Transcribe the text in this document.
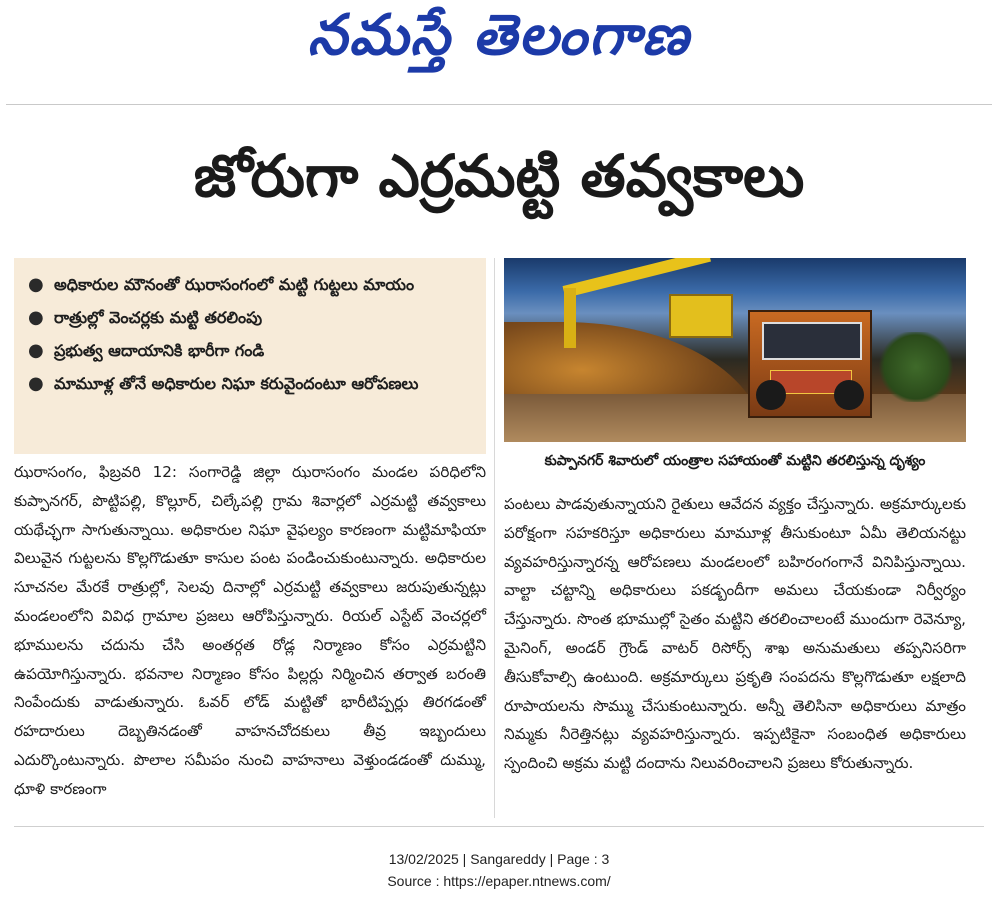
నమస్తే తెలంగాణ
జోరుగా ఎర్రమట్టి తవ్వకాలు
● అధికారుల మౌనంతో ఝరాసంగంలో మట్టి గుట్టలు మాయం
● రాత్రుల్లో వెంచర్లకు మట్టి తరలింపు
● ప్రభుత్వ ఆదాయానికి భారీగా గండి
● మామూళ్ల తోనే అధికారుల నిఘా కరువైందంటూ ఆరోపణలు
కుప్పానగర్ శివారులో యంత్రాల సహాయంతో మట్టిని తరలిస్తున్న దృశ్యం

ఝరాసంగం, ఫిబ్రవరి 12: సంగారెడ్డి జిల్లా ఝరాసంగం మండల పరిధిలోని కుప్పానగర్, పొట్టిపల్లి, కొల్లూర్, చిల్కేపల్లి గ్రామ శివార్లలో ఎర్రమట్టి తవ్వకాలు యథేచ్ఛగా సాగుతున్నాయి. అధికారుల నిఘా వైఫల్యం కారణంగా మట్టిమాఫియా విలువైన గుట్టలను కొల్లగొడుతూ కాసుల పంట పండించుకుంటున్నారు. అధికారుల సూచనల మేరకే రాత్రుల్లో, సెలవు దినాల్లో ఎర్రమట్టి తవ్వకాలు జరుపుతున్నట్లు మండలంలోని వివిధ గ్రామాల ప్రజలు ఆరోపిస్తున్నారు. రియల్ ఎస్టేట్ వెంచర్లలో భూములను చదును చేసి అంతర్గత రోడ్ల నిర్మాణం కోసం ఎర్రమట్టిని ఉపయోగిస్తున్నారు. భవనాల నిర్మాణం కోసం పిల్లర్లు నిర్మించిన తర్వాత బరంతి నింపేందుకు వాడుతున్నారు. ఓవర్ లోడ్ మట్టితో భారీటిప్పర్లు తిరగడంతో రహదారులు దెబ్బతినడంతో వాహనచోదకులు తీవ్ర ఇబ్బందులు ఎదుర్కొంటున్నారు. పొలాల సమీపం నుంచి వాహనాలు వెళ్తుండడంతో దుమ్ము, ధూళి కారణంగా

పంటలు పాడవుతున్నాయని రైతులు ఆవేదన వ్యక్తం చేస్తున్నారు. అక్రమార్కులకు పరోక్షంగా సహకరిస్తూ అధికారులు మామూళ్ల తీసుకుంటూ ఏమీ తెలియనట్టు వ్యవహరిస్తున్నారన్న ఆరోపణలు మండలంలో బహిరంగంగానే వినిపిస్తున్నాయి. వాల్టా చట్టాన్ని అధికారులు పకడ్బందీగా అమలు చేయకుండా నిర్వీర్యం చేస్తున్నారు. సొంత భూముల్లో సైతం మట్టిని తరలించాలంటే ముందుగా రెవెన్యూ, మైనింగ్, అండర్ గ్రౌండ్ వాటర్ రిసోర్స్ శాఖ అనుమతులు తప్పనిసరిగా తీసుకోవాల్సి ఉంటుంది. అక్రమార్కులు ప్రకృతి సంపదను కొల్లగొడుతూ లక్షలాది రూపాయలను సొమ్ము చేసుకుంటున్నారు. అన్నీ తెలిసినా అధికారులు మాత్రం నిమ్మకు నీరెత్తినట్లు వ్యవహరిస్తున్నారు. ఇప్పటికైనా సంబంధిత అధికారులు స్పందించి అక్రమ మట్టి దందాను నిలువరించాలని ప్రజలు కోరుతున్నారు.

13/02/2025 | Sangareddy | Page : 3
Source : https://epaper.ntnews.com/
